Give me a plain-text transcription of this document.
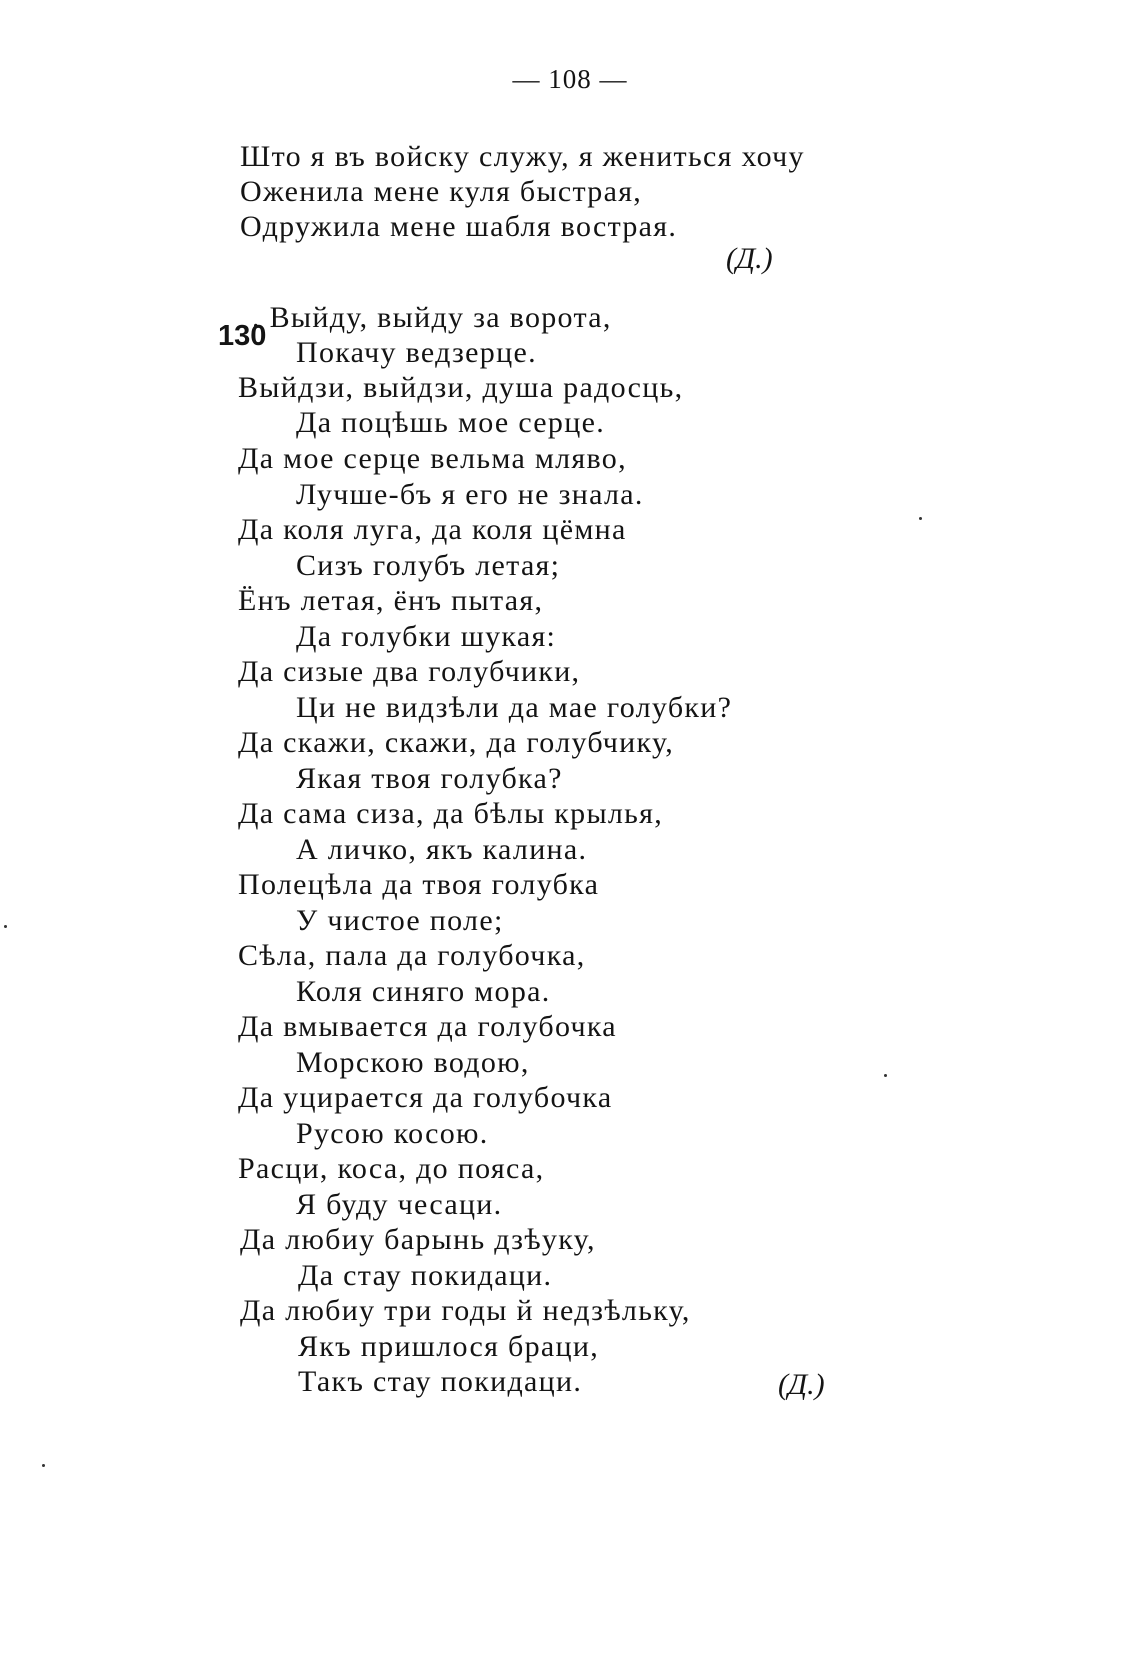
— 108 —
Што я въ войску служу, я жениться хочу
Оженила мене куля быстрая,
Одружила мене шабля вострая.
(Д.)
130
. Выйду, выйду за ворота,
Покачу ведзерце.
Выйдзи, выйдзи, душа радосць,
Да поцѣшь мое серце.
Да мое серце вельма мляво,
Лучше-бъ я его не знала.
Да коля луга, да коля цёмна
Сизъ голубъ летая;
Ёнъ летая, ёнъ пытая,
Да голубки шукая:
Да сизые два голубчики,
Ци не видзѣли да мае голубки?
Да скажи, скажи, да голубчику,
Якая твоя голубка?
Да сама сиза, да бѣлы крылья,
А личко, якъ калина.
Полецѣла да твоя голубка
У чистое поле;
Сѣла, пала да голубочка,
Коля синяго мора.
Да вмывается да голубочка
Морскою водою,
Да уцирается да голубочка
Русою косою.
Расци, коса, до пояса,
Я буду чесаци.
Да любиу барынь дзѣуку,
Да стау покидаци.
Да любиу три годы й недзѣльку,
Якъ пришлося браци,
Такъ стау покидаци.	(Д.)
